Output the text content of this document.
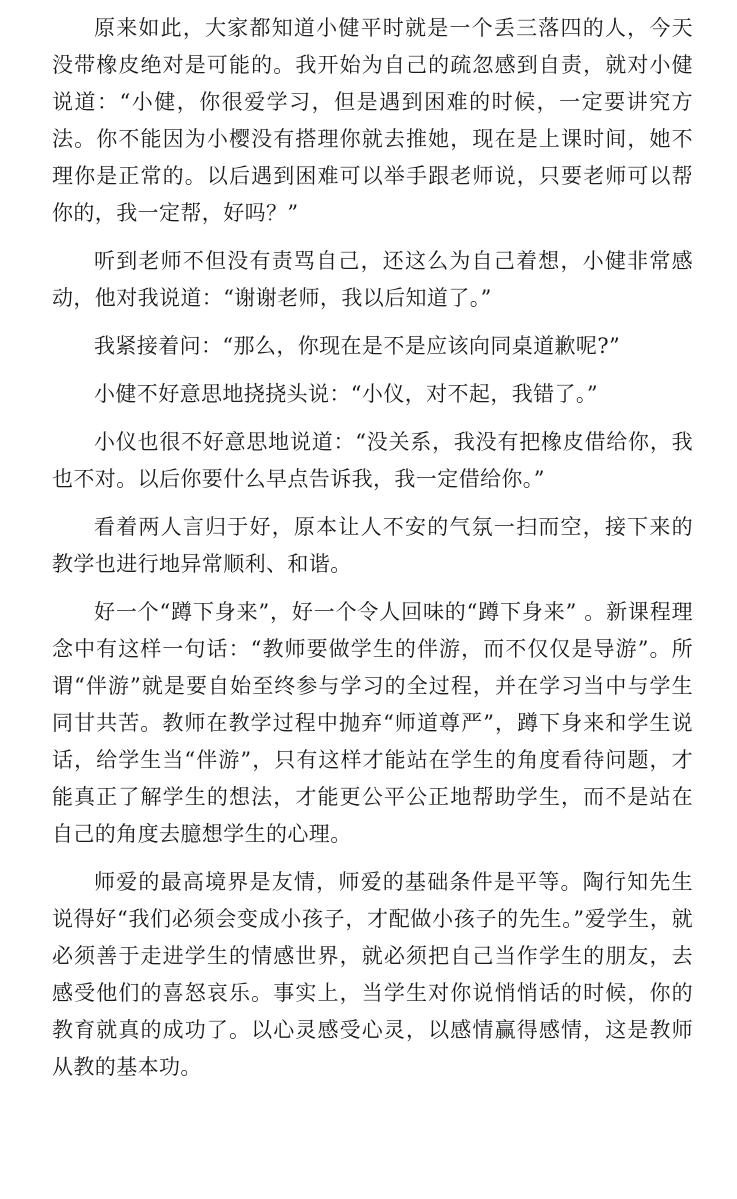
原来如此，大家都知道小健平时就是一个丢三落四的人，今天没带橡皮绝对是可能的。我开始为自己的疏忽感到自责，就对小健说道：“小健，你很爱学习，但是遇到困难的时候，一定要讲究方法。你不能因为小樱没有搭理你就去推她，现在是上课时间，她不理你是正常的。以后遇到困难可以举手跟老师说，只要老师可以帮你的，我一定帮，好吗？”

听到老师不但没有责骂自己，还这么为自己着想，小健非常感动，他对我说道：“谢谢老师，我以后知道了。”

我紧接着问：“那么，你现在是不是应该向同桌道歉呢?”

小健不好意思地挠挠头说：“小仪，对不起，我错了。”

小仪也很不好意思地说道：“没关系，我没有把橡皮借给你，我也不对。以后你要什么早点告诉我，我一定借给你。”

看着两人言归于好，原本让人不安的气氛一扫而空，接下来的教学也进行地异常顺利、和谐。

好一个“蹲下身来”，好一个令人回味的“蹲下身来” 。新课程理念中有这样一句话：“教师要做学生的伴游，而不仅仅是导游”。所谓“伴游”就是要自始至终参与学习的全过程，并在学习当中与学生同甘共苦。教师在教学过程中抛弃“师道尊严”，蹲下身来和学生说话，给学生当“伴游”，只有这样才能站在学生的角度看待问题，才能真正了解学生的想法，才能更公平公正地帮助学生，而不是站在自己的角度去臆想学生的心理。

师爱的最高境界是友情，师爱的基础条件是平等。陶行知先生说得好“我们必须会变成小孩子，才配做小孩子的先生。”爱学生，就必须善于走进学生的情感世界，就必须把自己当作学生的朋友，去感受他们的喜怒哀乐。事实上，当学生对你说悄悄话的时候，你的教育就真的成功了。以心灵感受心灵，以感情赢得感情，这是教师从教的基本功。
